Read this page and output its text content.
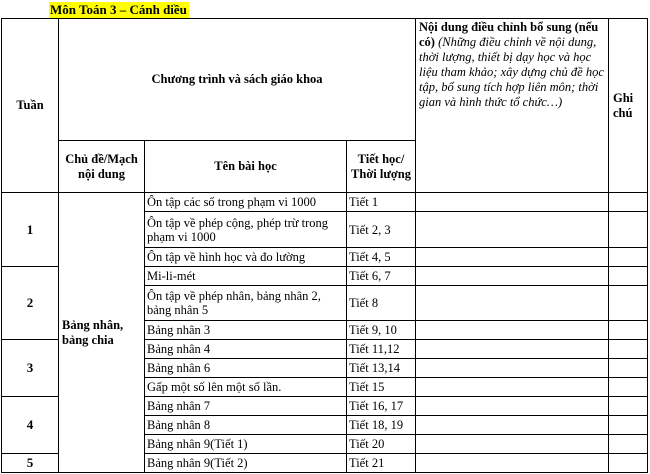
Môn Toán 3 – Cánh diều
Tuần	Chương trình và sách giáo khoa			Nội dung điều chỉnh bổ sung (nếu có) (Những điều chỉnh về nội dung, thời lượng, thiết bị dạy học và học liệu tham khảo; xây dựng chủ đề học tập, bổ sung tích hợp liên môn; thời gian và hình thức tổ chức…)	Ghi chú
	Chủ đề/Mạch nội dung	Tên bài học	Tiết học/ Thời lượng		
1	Bảng nhân, bảng chia	Ôn tập các số trong phạm vi 1000	Tiết 1		
		Ôn tập về phép cộng, phép trừ trong phạm vi 1000	Tiết 2, 3		
		Ôn tập về hình học và đo lường	Tiết 4, 5		
2		Mi-li-mét	Tiết 6, 7		
		Ôn tập về phép nhân, bảng nhân 2, bảng nhân 5	Tiết 8		
		Bảng nhân 3	Tiết 9, 10		
3		Bảng nhân 4	Tiết 11,12		
		Bảng nhân 6	Tiết 13,14		
		Gấp một số lên một số lần.	Tiết 15		
4		Bảng nhân 7	Tiết 16, 17		
		Bảng nhân 8	Tiết 18, 19		
		Bảng nhân 9(Tiết 1)	Tiết 20		
5		Bảng nhân 9(Tiết 2)	Tiết 21		
